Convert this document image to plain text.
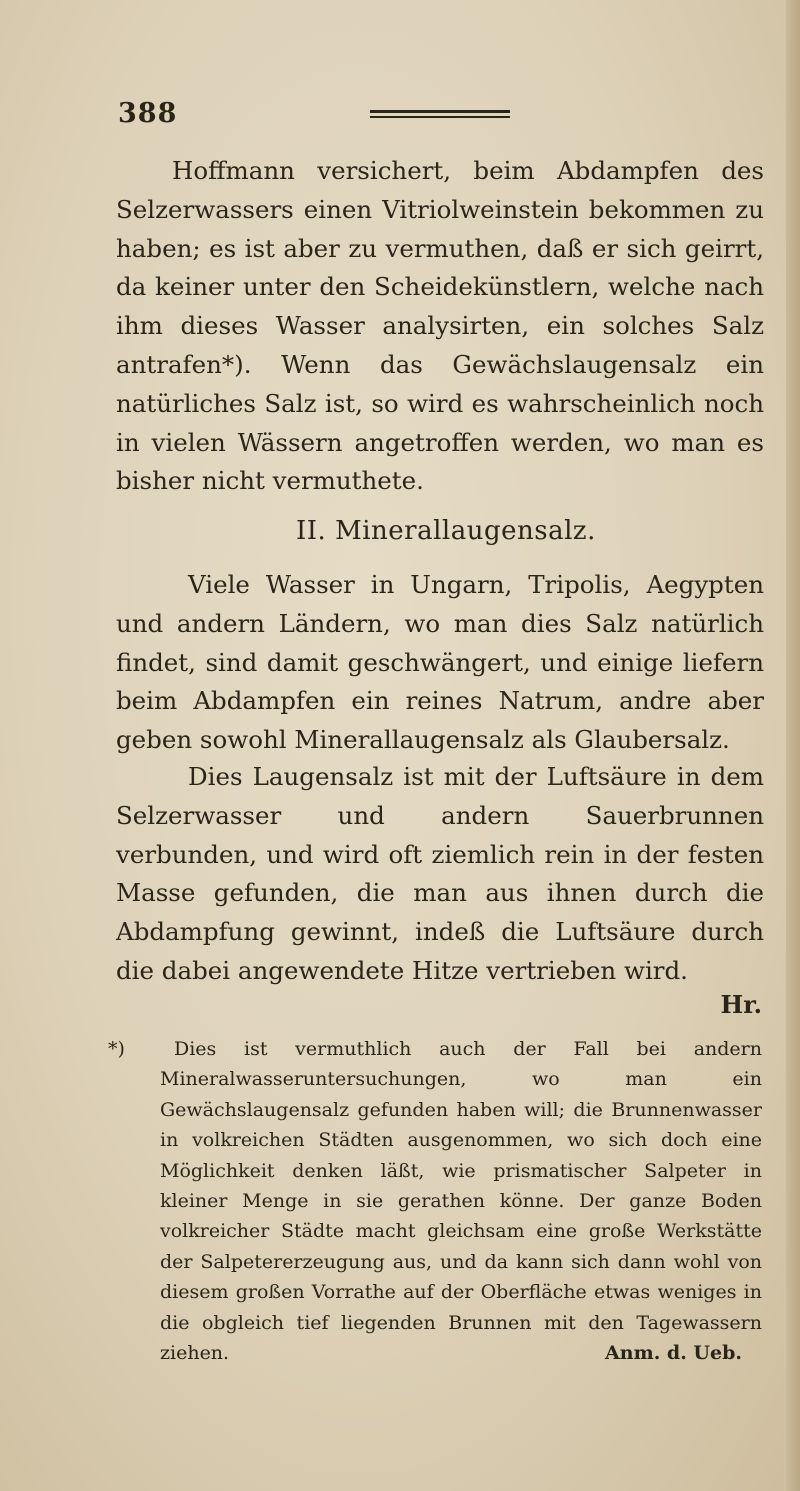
388

Hoffmann versichert, beim Abdampfen des Selzerwassers einen Vitriolweinstein bekommen zu haben; es ist aber zu vermuthen, daß er sich geirrt, da keiner unter den Scheidekünstlern, welche nach ihm dieses Wasser analysirten, ein solches Salz antrafen*). Wenn das Gewächslaugensalz ein natürliches Salz ist, so wird es wahrscheinlich noch in vielen Wässern angetroffen werden, wo man es bisher nicht vermuthete.

II. Minerallaugensalz.

Viele Wasser in Ungarn, Tripolis, Aegypten und andern Ländern, wo man dies Salz natürlich findet, sind damit geschwängert, und einige liefern beim Abdampfen ein reines Natrum, andre aber geben sowohl Minerallaugensalz als Glaubersalz.

Dies Laugensalz ist mit der Luftsäure in dem Selzerwasser und andern Sauerbrunnen verbunden, und wird oft ziemlich rein in der festen Masse gefunden, die man aus ihnen durch die Abdampfung gewinnt, indeß die Luftsäure durch die dabei angewendete Hitze vertrieben wird.

Hr.

*)	Dies ist vermuthlich auch der Fall bei andern Mineralwasseruntersuchungen, wo man ein Gewächslaugensalz gefunden haben will; die Brunnenwasser in volkreichen Städten ausgenommen, wo sich doch eine Möglichkeit denken läßt, wie prismatischer Salpeter in kleiner Menge in sie gerathen könne. Der ganze Boden volkreicher Städte macht gleichsam eine große Werkstätte der Salpetererzeugung aus, und da kann sich dann wohl von diesem großen Vorrathe auf der Oberfläche etwas weniges in die obgleich tief liegenden Brunnen mit den Tagewassern ziehen.	Anm. d. Ueb.
